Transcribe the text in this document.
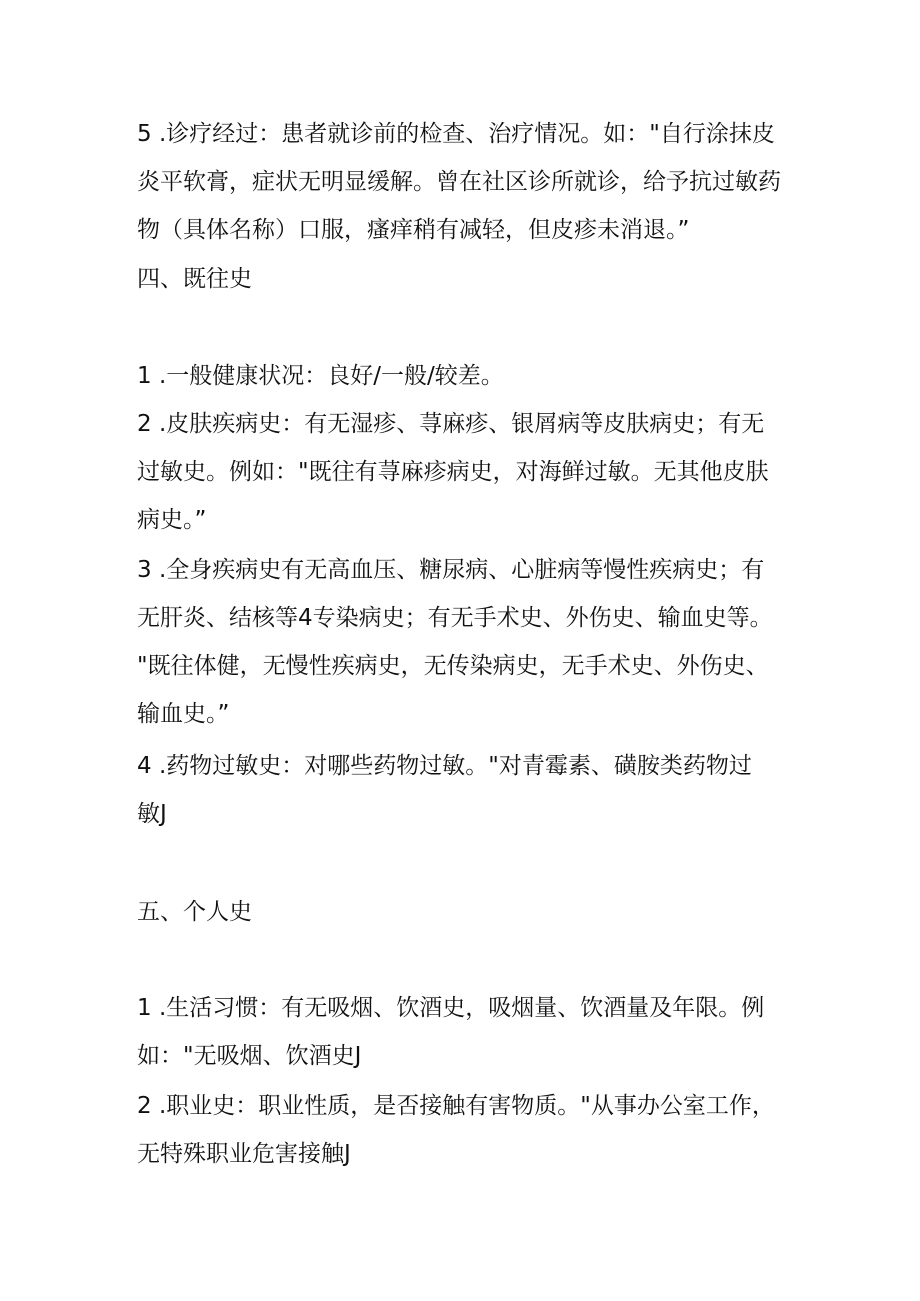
5 .诊疗经过：患者就诊前的检查、治疗情况。如："自行涂抹皮
炎平软膏，症状无明显缓解。曾在社区诊所就诊，给予抗过敏药
物（具体名称）口服，瘙痒稍有减轻，但皮疹未消退。”
四、既往史
1 .一般健康状况：良好/一般/较差。
2 .皮肤疾病史：有无湿疹、荨麻疹、银屑病等皮肤病史；有无
过敏史。例如："既往有荨麻疹病史，对海鲜过敏。无其他皮肤
病史。”
3 .全身疾病史有无高血压、糖尿病、心脏病等慢性疾病史；有
无肝炎、结核等4专染病史；有无手术史、外伤史、输血史等。
"既往体健，无慢性疾病史，无传染病史，无手术史、外伤史、
输血史。”
4 .药物过敏史：对哪些药物过敏。"对青霉素、磺胺类药物过
敏J
五、个人史
1 .生活习惯：有无吸烟、饮酒史，吸烟量、饮酒量及年限。例
如："无吸烟、饮酒史J
2 .职业史：职业性质，是否接触有害物质。"从事办公室工作，
无特殊职业危害接触J
